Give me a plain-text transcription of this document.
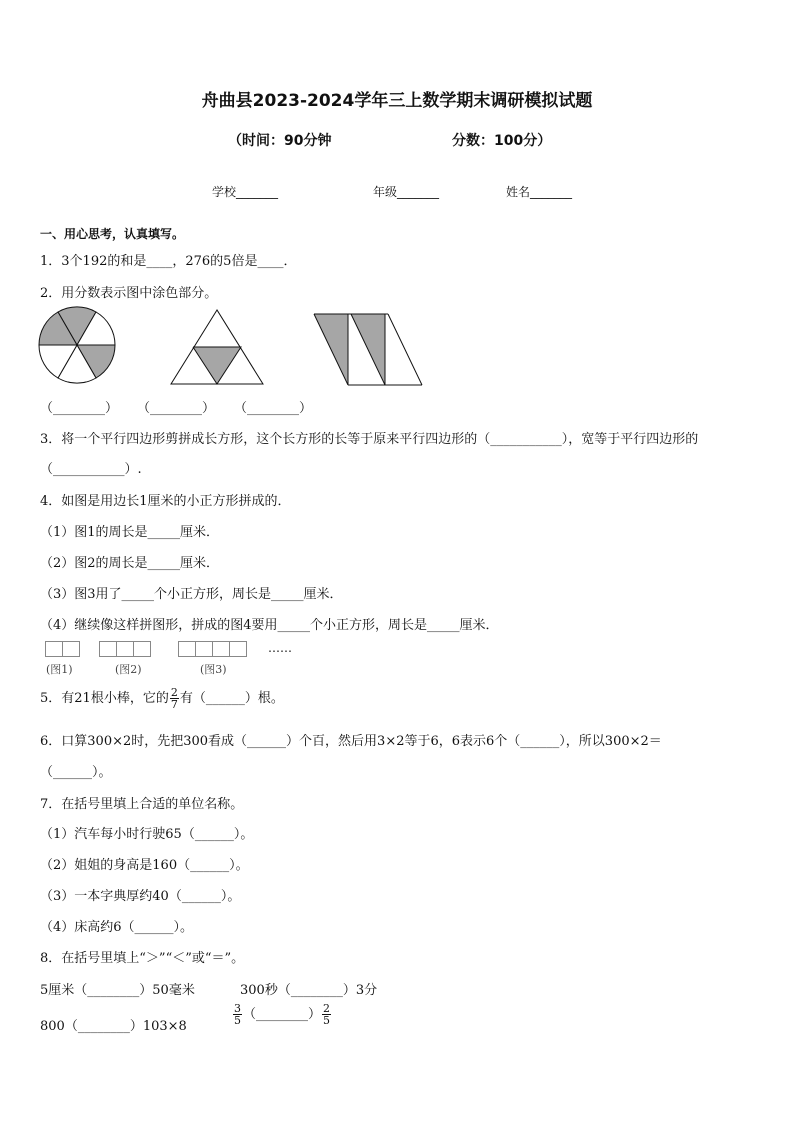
舟曲县2023-2024学年三上数学期末调研模拟试题
（时间：90分钟	分数：100分）
学校_______	年级_______	姓名_______
一、用心思考，认真填写。
1．3个192的和是____，276的5倍是____．
2．用分数表示图中涂色部分。
（________） （________） （________）
3．将一个平行四边形剪拼成长方形，这个长方形的长等于原来平行四边形的（___________），宽等于平行四边形的
（___________）.
4．如图是用边长1厘米的小正方形拼成的．
（1）图1的周长是_____厘米．
（2）图2的周长是_____厘米．
（3）图3用了_____个小正方形，周长是_____厘米．
（4）继续像这样拼图形，拼成的图4要用_____个小正方形，周长是_____厘米．
……
(图1)	(图2)	(图3)
5．有21根小棒，它的 $\frac{2}{7}$ 有（______）根。
6．口算300×2时，先把300看成（______）个百，然后用3×2等于6，6表示6个（______），所以300×2＝
（______）。
7．在括号里填上合适的单位名称。
（1）汽车每小时行驶65（______）。
（2）姐姐的身高是160（______）。
（3）一本字典厚约40（______）。
（4）床高约6（______）。
8．在括号里填上“＞”“＜”或“＝”。
5厘米（________）50毫米	300秒（________）3分
800（________）103×8
$\frac{3}{5}$ （________） $\frac{2}{5}$
